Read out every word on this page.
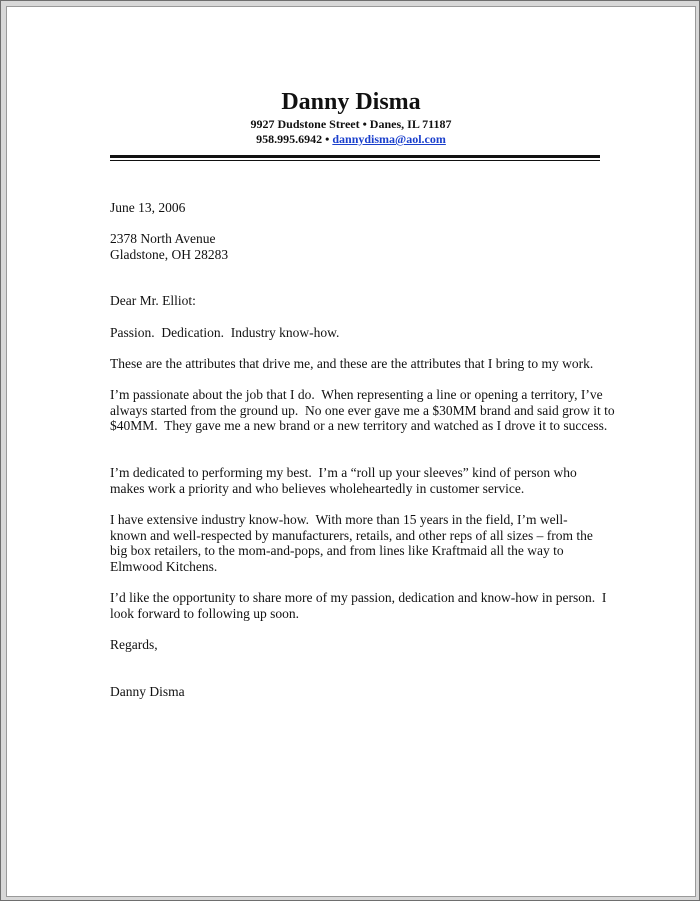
Danny Disma
9927 Dudstone Street • Danes, IL 71187
958.995.6942 • dannydisma@aol.com

June 13, 2006

2378 North Avenue

Gladstone, OH 28283

Dear Mr. Elliot:

Passion.  Dedication.  Industry know-how.

These are the attributes that drive me, and these are the attributes that I bring to my work.

I’m passionate about the job that I do.  When representing a line or opening a territory, I’ve always started from the ground up.  No one ever gave me a $30MM brand and said grow it to $40MM.  They gave me a new brand or a new territory and watched as I drove it to success.

I’m dedicated to performing my best.  I’m a “roll up your sleeves” kind of person who makes work a priority and who believes wholeheartedly in customer service.

I have extensive industry know-how.  With more than 15 years in the field, I’m well-known and well-respected by manufacturers, retails, and other reps of all sizes – from the big box retailers, to the mom-and-pops, and from lines like Kraftmaid all the way to Elmwood Kitchens.

I’d like the opportunity to share more of my passion, dedication and know-how in person.  I look forward to following up soon.

Regards,

Danny Disma
